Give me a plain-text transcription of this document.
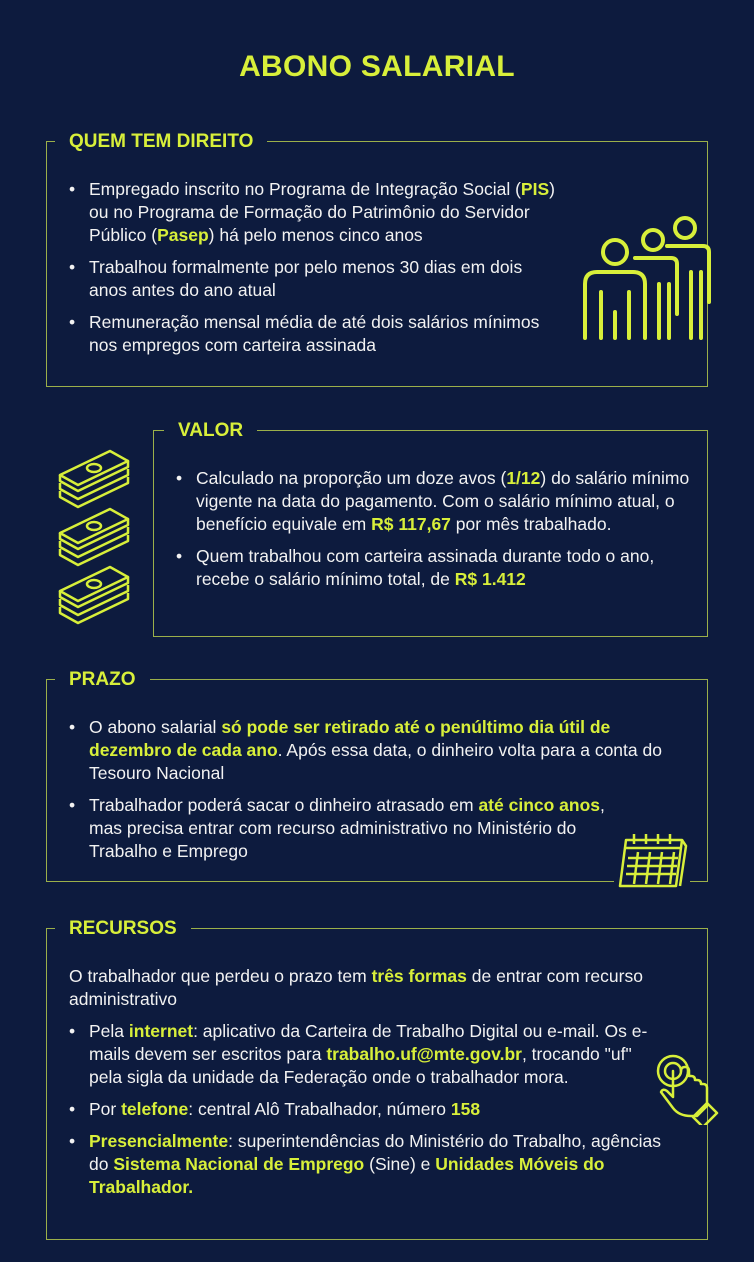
ABONO SALARIAL
QUEM TEM DIREITO
• Empregado inscrito no Programa de Integração Social (PIS) ou no Programa de Formação do Patrimônio do Servidor Público (Pasep) há pelo menos cinco anos
• Trabalhou formalmente por pelo menos 30 dias em dois anos antes do ano atual
• Remuneração mensal média de até dois salários mínimos nos empregos com carteira assinada
VALOR
• Calculado na proporção um doze avos (1/12) do salário mínimo vigente na data do pagamento. Com o salário mínimo atual, o benefício equivale em R$ 117,67 por mês trabalhado.
• Quem trabalhou com carteira assinada durante todo o ano, recebe o salário mínimo total, de R$ 1.412
PRAZO
• O abono salarial só pode ser retirado até o penúltimo dia útil de dezembro de cada ano. Após essa data, o dinheiro volta para a conta do Tesouro Nacional
• Trabalhador poderá sacar o dinheiro atrasado em até cinco anos, mas precisa entrar com recurso administrativo no Ministério do Trabalho e Emprego
RECURSOS

O trabalhador que perdeu o prazo tem três formas de entrar com recurso administrativo

• Pela internet: aplicativo da Carteira de Trabalho Digital ou e-mail. Os e-mails devem ser escritos para trabalho.uf@mte.gov.br, trocando "uf" pela sigla da unidade da Federação onde o trabalhador mora.
• Por telefone: central Alô Trabalhador, número 158
• Presencialmente: superintendências do Ministério do Trabalho, agências do Sistema Nacional de Emprego (Sine) e Unidades Móveis do Trabalhador.
